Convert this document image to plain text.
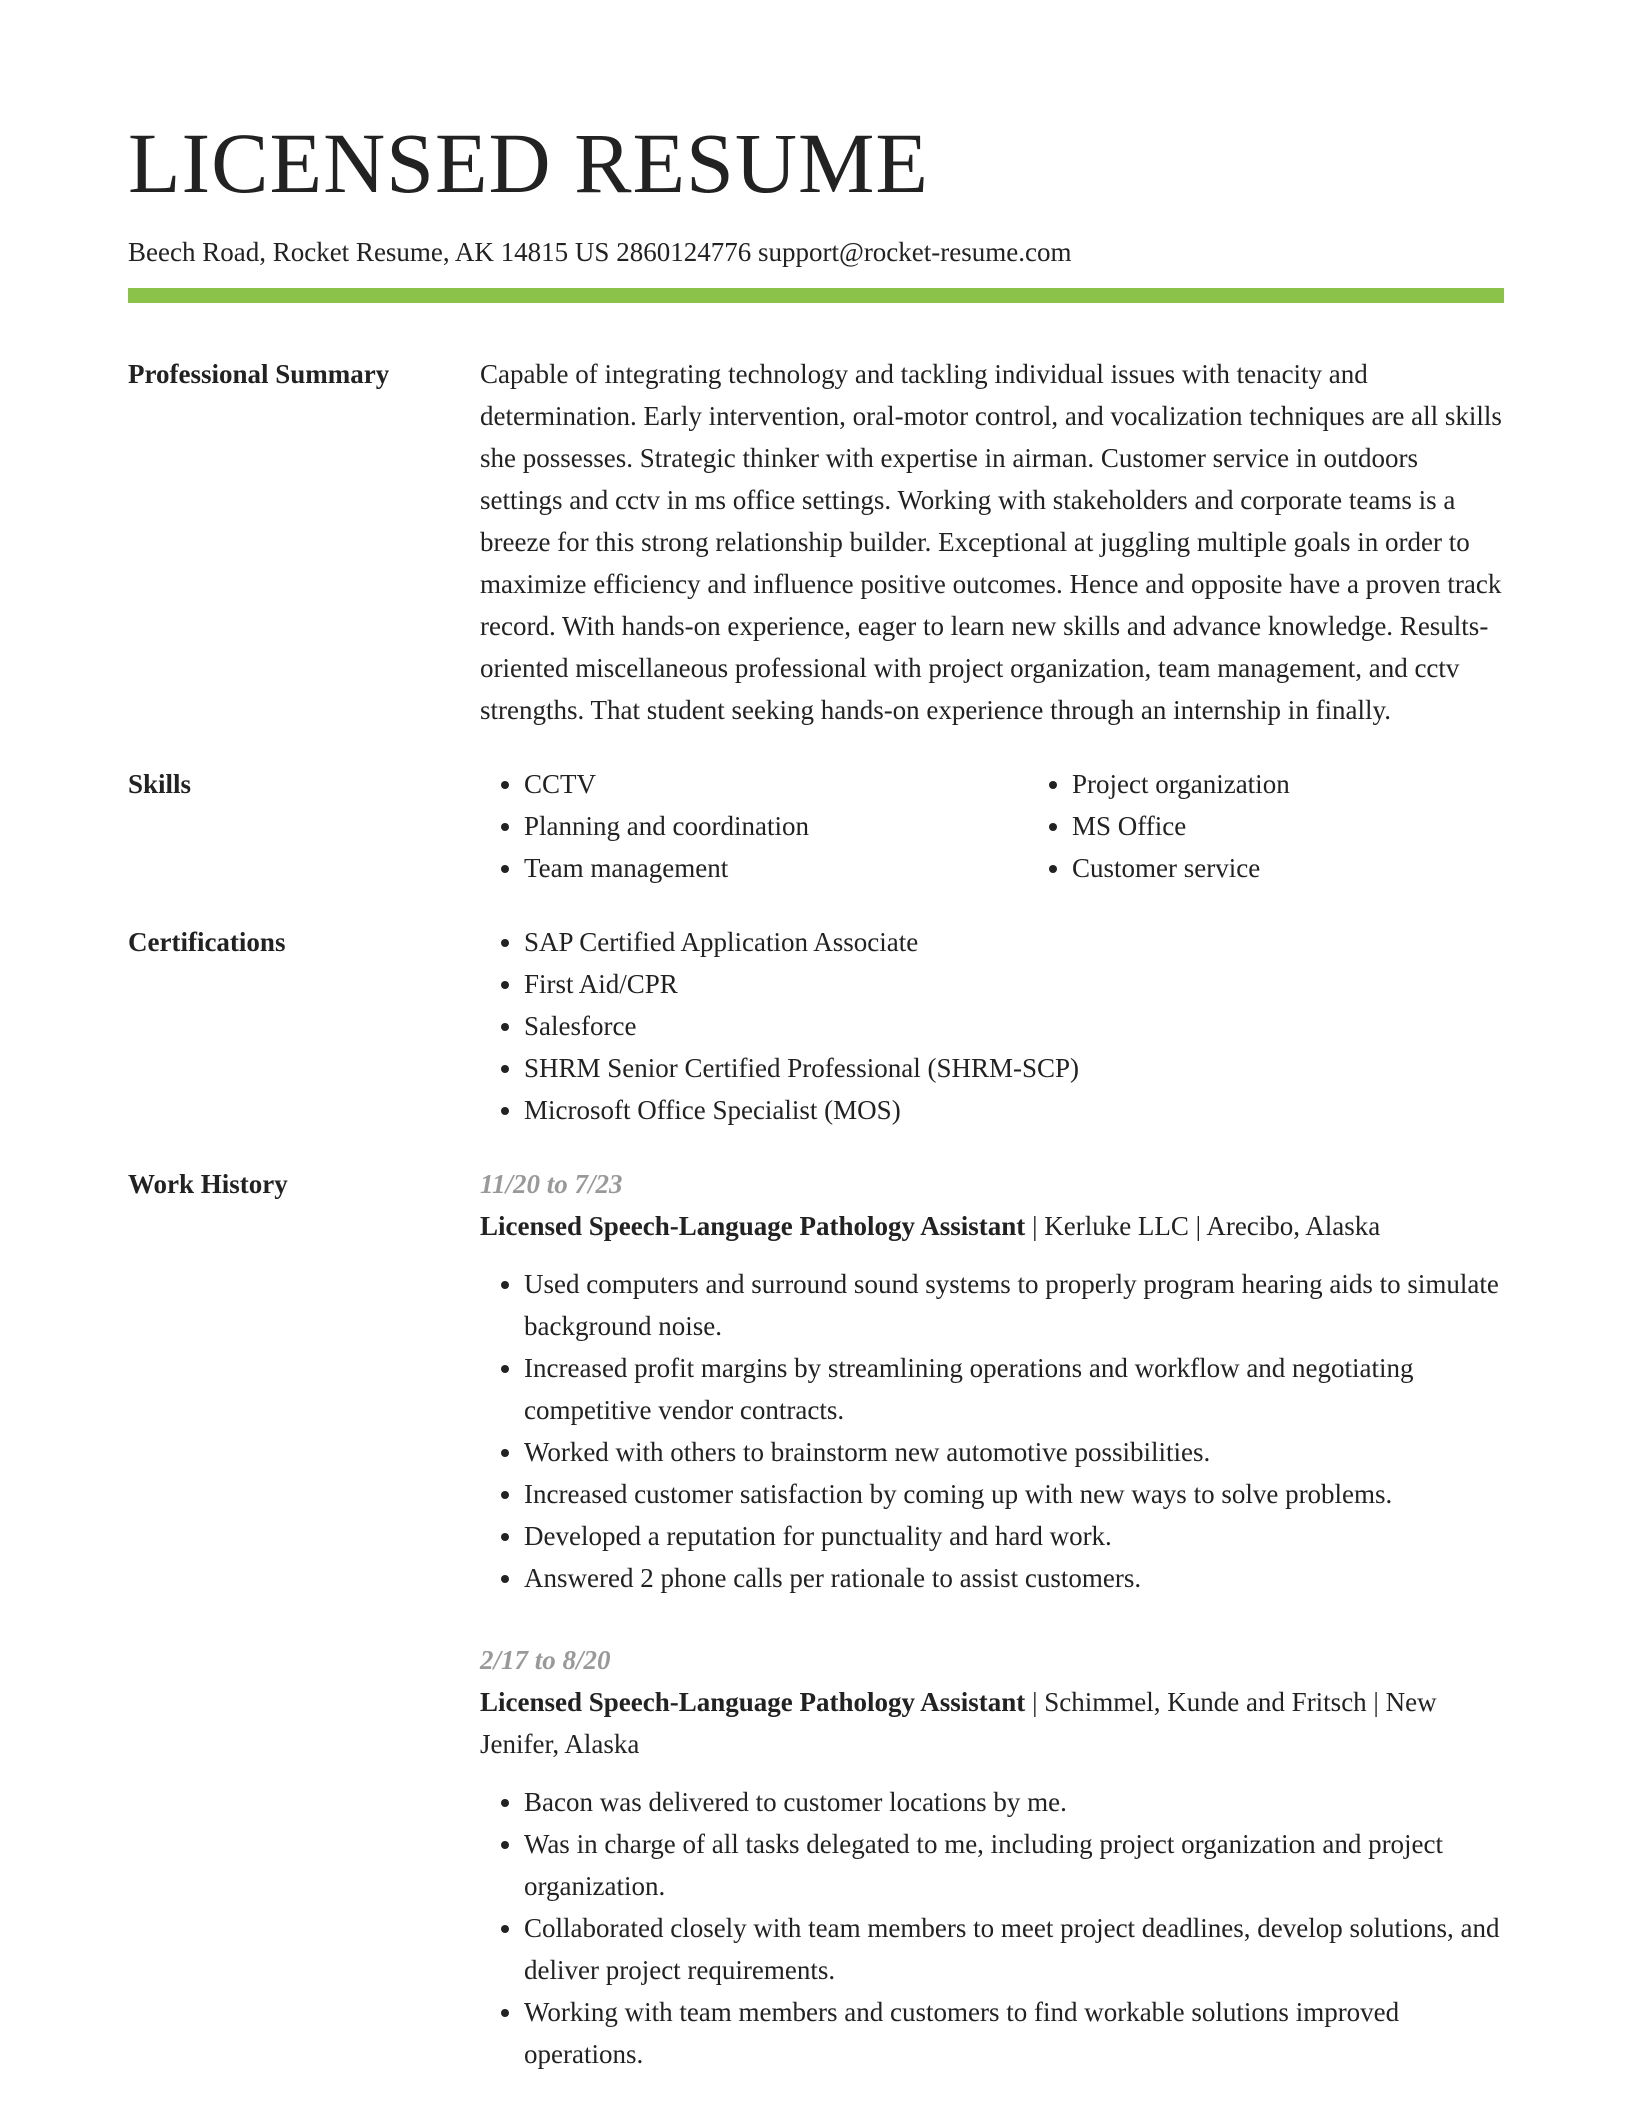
LICENSED RESUME
Beech Road, Rocket Resume, AK 14815 US 2860124776 support@rocket-resume.com
Professional Summary	Capable of integrating technology and tackling individual issues with tenacity and determination. Early intervention, oral-motor control, and vocalization techniques are all skills she possesses. Strategic thinker with expertise in airman. Customer service in outdoors settings and cctv in ms office settings. Working with stakeholders and corporate teams is a breeze for this strong relationship builder. Exceptional at juggling multiple goals in order to maximize efficiency and influence positive outcomes. Hence and opposite have a proven track record. With hands-on experience, eager to learn new skills and advance knowledge. Results-oriented miscellaneous professional with project organization, team management, and cctv strengths. That student seeking hands-on experience through an internship in finally.
Skills	• CCTV
• Planning and coordination
• Team management
• Project organization
• MS Office
• Customer service
Certifications	• SAP Certified Application Associate
• First Aid/CPR
• Salesforce
• SHRM Senior Certified Professional (SHRM-SCP)
• Microsoft Office Specialist (MOS)
Work History	11/20 to 7/23
Licensed Speech-Language Pathology Assistant | Kerluke LLC | Arecibo, Alaska
• Used computers and surround sound systems to properly program hearing aids to simulate background noise.
• Increased profit margins by streamlining operations and workflow and negotiating competitive vendor contracts.
• Worked with others to brainstorm new automotive possibilities.
• Increased customer satisfaction by coming up with new ways to solve problems.
• Developed a reputation for punctuality and hard work.
• Answered 2 phone calls per rationale to assist customers.
2/17 to 8/20
Licensed Speech-Language Pathology Assistant | Schimmel, Kunde and Fritsch | New Jenifer, Alaska
• Bacon was delivered to customer locations by me.
• Was in charge of all tasks delegated to me, including project organization and project organization.
• Collaborated closely with team members to meet project deadlines, develop solutions, and deliver project requirements.
• Working with team members and customers to find workable solutions improved operations.
